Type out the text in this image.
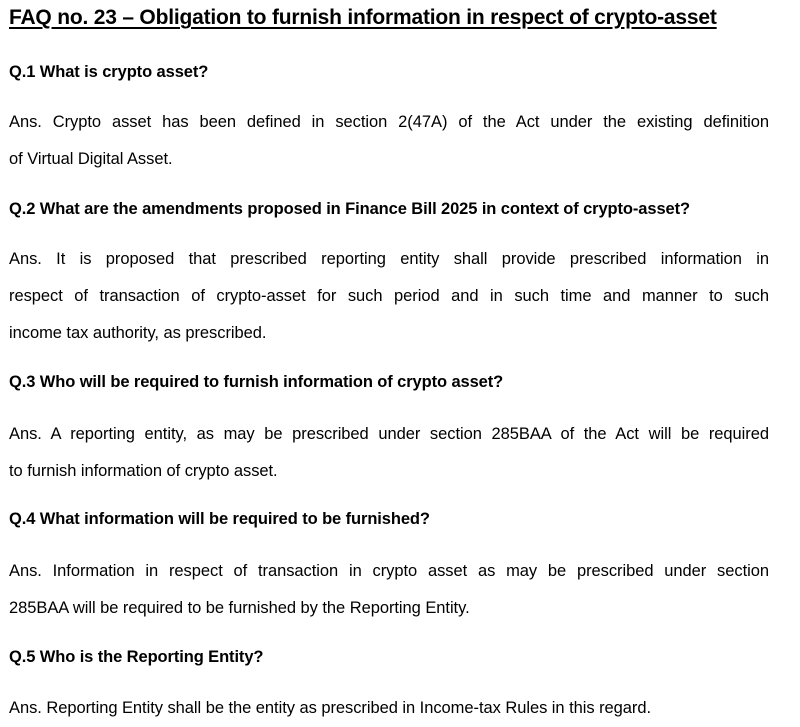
FAQ no. 23 – Obligation to furnish information in respect of crypto-asset

Q.1 What is crypto asset?

Ans. Crypto asset has been defined in section 2(47A) of the Act under the existing definition
of Virtual Digital Asset.

Q.2 What are the amendments proposed in Finance Bill 2025 in context of crypto-asset?

Ans. It is proposed that prescribed reporting entity shall provide prescribed information in
respect of transaction of crypto-asset for such period and in such time and manner to such
income tax authority, as prescribed.

Q.3 Who will be required to furnish information of crypto asset?

Ans. A reporting entity, as may be prescribed under section 285BAA of the Act will be required
to furnish information of crypto asset.

Q.4 What information will be required to be furnished?

Ans. Information in respect of transaction in crypto asset as may be prescribed under section
285BAA will be required to be furnished by the Reporting Entity.

Q.5 Who is the Reporting Entity?

Ans. Reporting Entity shall be the entity as prescribed in Income-tax Rules in this regard.
